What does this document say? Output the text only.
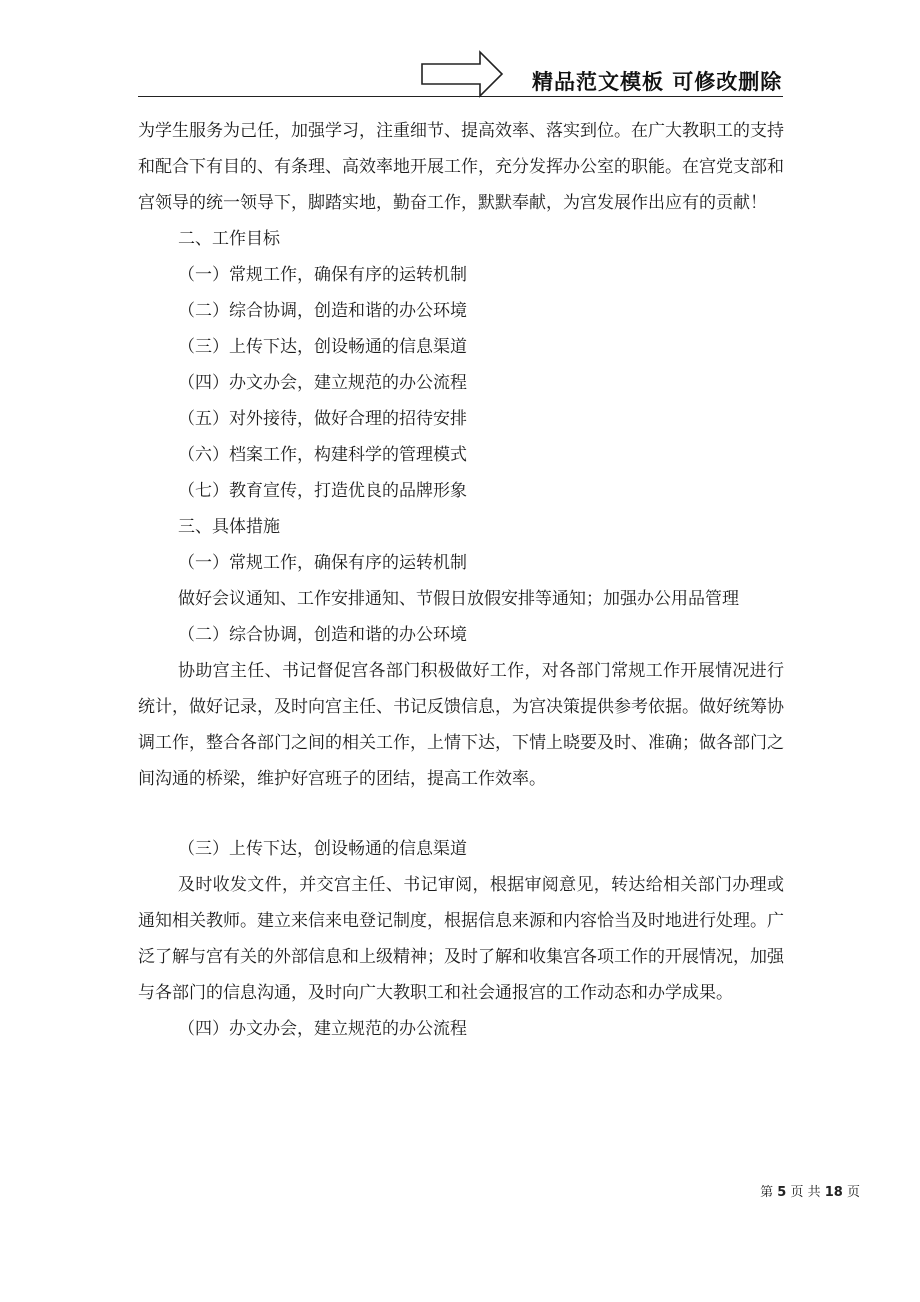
精品范文模板 可修改删除

为学生服务为己任，加强学习，注重细节、提高效率、落实到位。在广大教职工的支持和配合下有目的、有条理、高效率地开展工作，充分发挥办公室的职能。在宫党支部和宫领导的统一领导下，脚踏实地，勤奋工作，默默奉献，为宫发展作出应有的贡献！

二、工作目标

（一）常规工作，确保有序的运转机制

（二）综合协调，创造和谐的办公环境

（三）上传下达，创设畅通的信息渠道

（四）办文办会，建立规范的办公流程

（五）对外接待，做好合理的招待安排

（六）档案工作，构建科学的管理模式

（七）教育宣传，打造优良的品牌形象

三、具体措施

（一）常规工作，确保有序的运转机制

做好会议通知、工作安排通知、节假日放假安排等通知；加强办公用品管理

（二）综合协调，创造和谐的办公环境

协助宫主任、书记督促宫各部门积极做好工作，对各部门常规工作开展情况进行统计，做好记录，及时向宫主任、书记反馈信息，为宫决策提供参考依据。做好统筹协调工作，整合各部门之间的相关工作，上情下达，下情上晓要及时、准确；做各部门之间沟通的桥梁，维护好宫班子的团结，提高工作效率。

（三）上传下达，创设畅通的信息渠道

及时收发文件，并交宫主任、书记审阅，根据审阅意见，转达给相关部门办理或通知相关教师。建立来信来电登记制度，根据信息来源和内容恰当及时地进行处理。广泛了解与宫有关的外部信息和上级精神；及时了解和收集宫各项工作的开展情况，加强与各部门的信息沟通，及时向广大教职工和社会通报宫的工作动态和办学成果。

（四）办文办会，建立规范的办公流程

第 5 页 共 18 页
